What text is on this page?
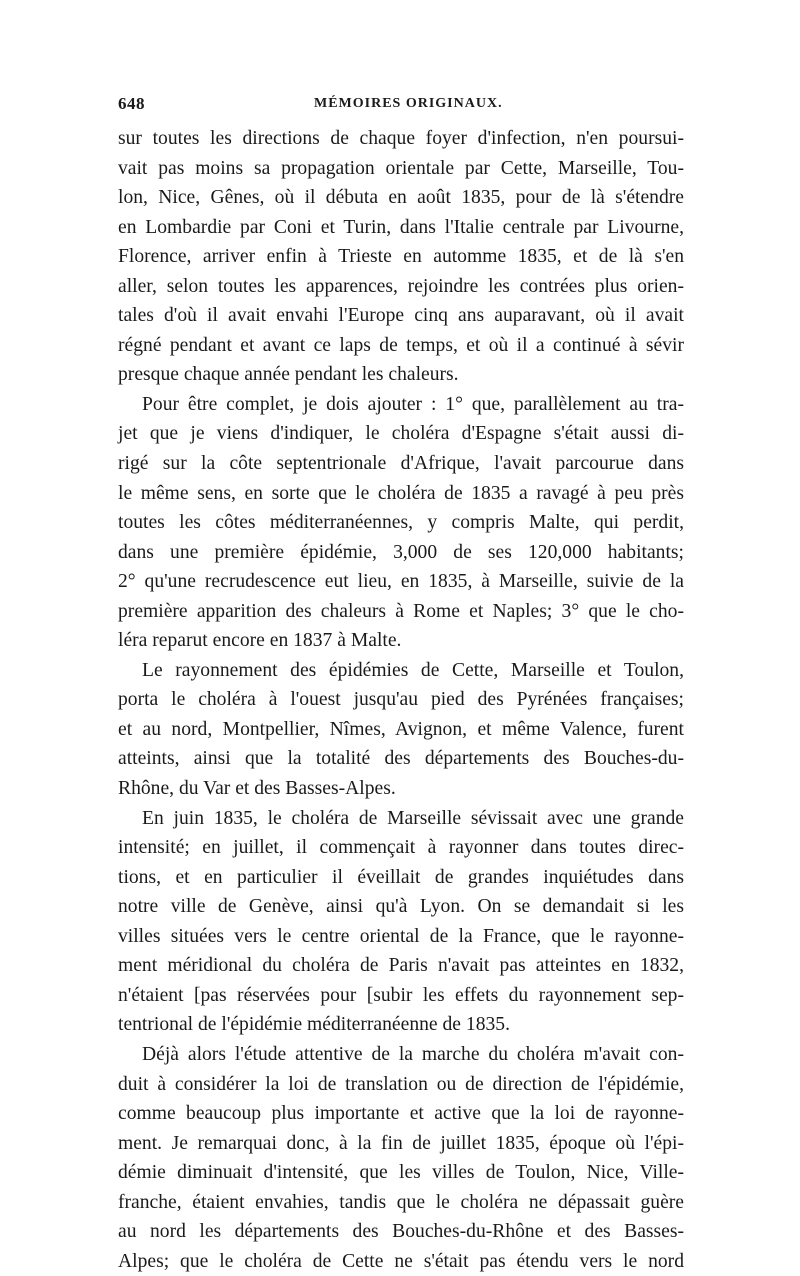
648	MÉMOIRES ORIGINAUX.
sur toutes les directions de chaque foyer d'infection, n'en poursui-
vait pas moins sa propagation orientale par Cette, Marseille, Tou-
lon, Nice, Gênes, où il débuta en août 1835, pour de là s'étendre
en Lombardie par Coni et Turin, dans l'Italie centrale par Livourne,
Florence, arriver enfin à Trieste en automme 1835, et de là s'en
aller, selon toutes les apparences, rejoindre les contrées plus orien-
tales d'où il avait envahi l'Europe cinq ans auparavant, où il avait
régné pendant et avant ce laps de temps, et où il a continué à sévir
presque chaque année pendant les chaleurs.
Pour être complet, je dois ajouter : 1° que, parallèlement au tra-
jet que je viens d'indiquer, le choléra d'Espagne s'était aussi di-
rigé sur la côte septentrionale d'Afrique, l'avait parcourue dans
le même sens, en sorte que le choléra de 1835 a ravagé à peu près
toutes les côtes méditerranéennes, y compris Malte, qui perdit,
dans une première épidémie, 3,000 de ses 120,000 habitants;
2° qu'une recrudescence eut lieu, en 1835, à Marseille, suivie de la
première apparition des chaleurs à Rome et Naples; 3° que le cho-
léra reparut encore en 1837 à Malte.
Le rayonnement des épidémies de Cette, Marseille et Toulon,
porta le choléra à l'ouest jusqu'au pied des Pyrénées françaises;
et au nord, Montpellier, Nîmes, Avignon, et même Valence, furent
atteints, ainsi que la totalité des départements des Bouches-du-
Rhône, du Var et des Basses-Alpes.
En juin 1835, le choléra de Marseille sévissait avec une grande
intensité; en juillet, il commençait à rayonner dans toutes direc-
tions, et en particulier il éveillait de grandes inquiétudes dans
notre ville de Genève, ainsi qu'à Lyon. On se demandait si les
villes situées vers le centre oriental de la France, que le rayonne-
ment méridional du choléra de Paris n'avait pas atteintes en 1832,
n'étaient [pas réservées pour [subir les effets du rayonnement sep-
tentrional de l'épidémie méditerranéenne de 1835.
Déjà alors l'étude attentive de la marche du choléra m'avait con-
duit à considérer la loi de translation ou de direction de l'épidémie,
comme beaucoup plus importante et active que la loi de rayonne-
ment. Je remarquai donc, à la fin de juillet 1835, époque où l'épi-
démie diminuait d'intensité, que les villes de Toulon, Nice, Ville-
franche, étaient envahies, tandis que le choléra ne dépassait guère
au nord les départements des Bouches-du-Rhône et des Basses-
Alpes; que le choléra de Cette ne s'était pas étendu vers le nord
